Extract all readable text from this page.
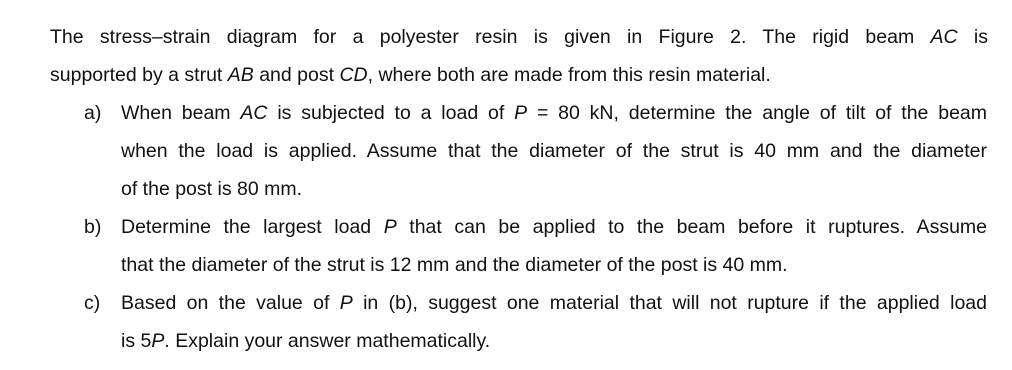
The stress–strain diagram for a polyester resin is given in Figure 2. The rigid beam AC is
supported by a strut AB and post CD, where both are made from this resin material.
a) When beam AC is subjected to a load of P = 80 kN, determine the angle of tilt of the beam
when the load is applied. Assume that the diameter of the strut is 40 mm and the diameter
of the post is 80 mm.
b) Determine the largest load P that can be applied to the beam before it ruptures. Assume
that the diameter of the strut is 12 mm and the diameter of the post is 40 mm.
c) Based on the value of P in (b), suggest one material that will not rupture if the applied load
is 5P. Explain your answer mathematically.
